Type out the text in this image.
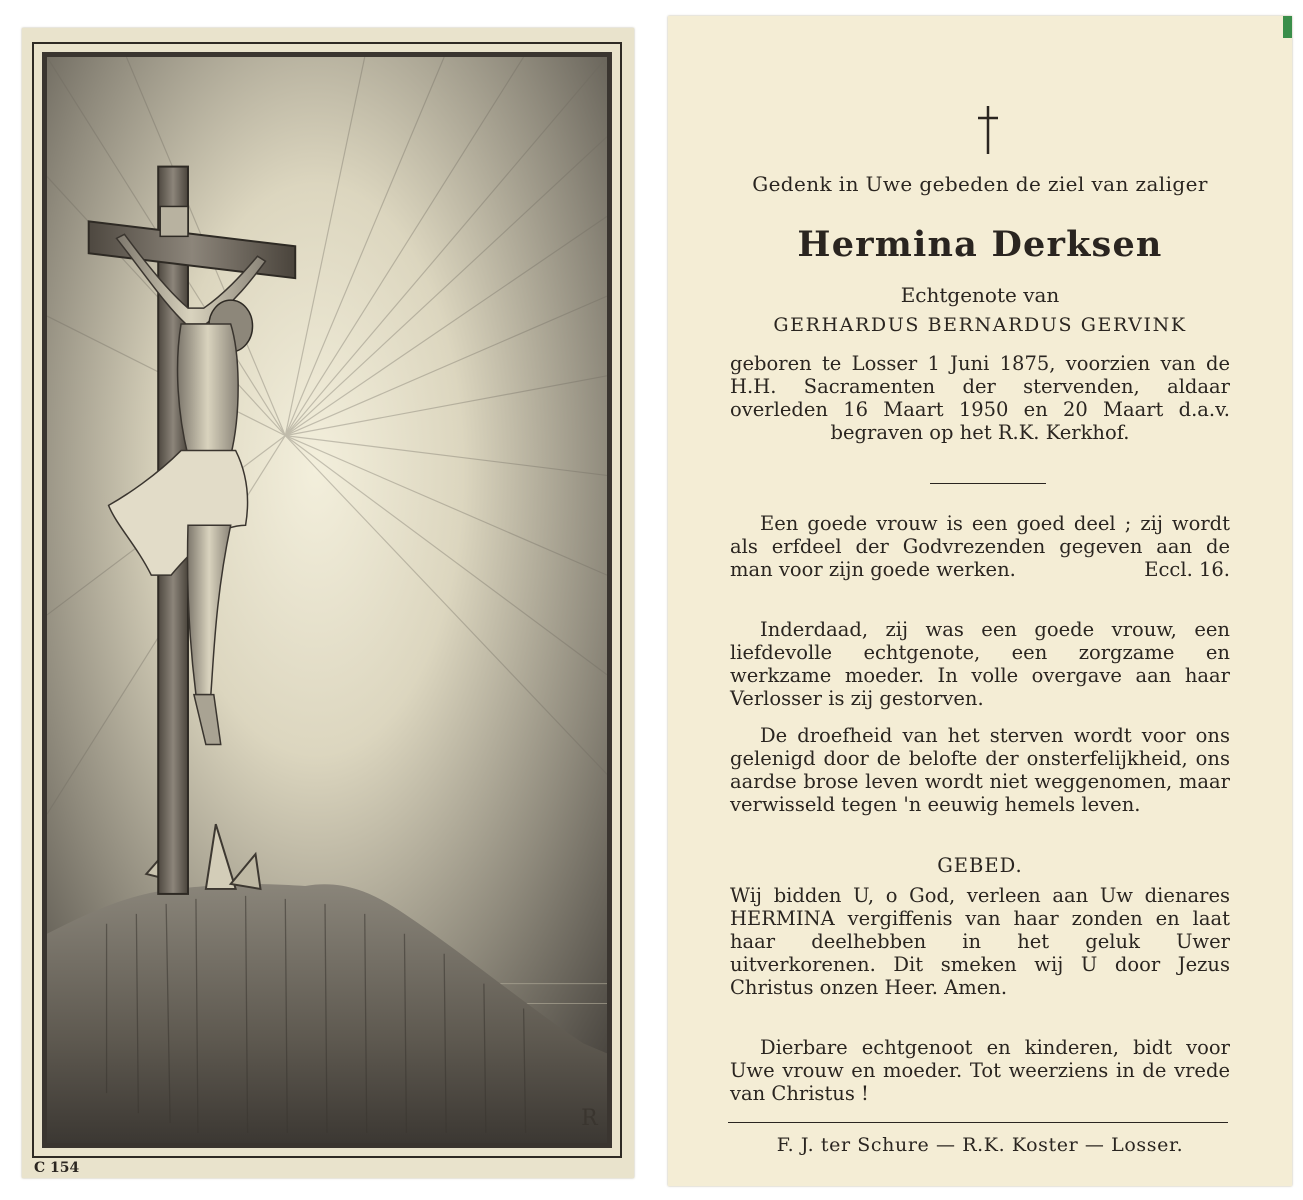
R
C 154
Gedenk in Uwe gebeden de ziel van zaliger
Hermina Derksen
Echtgenote van
GERHARDUS BERNARDUS GERVINK
geboren te Losser 1 Juni 1875, voorzien van de H.H. Sacramenten der stervenden, aldaar overleden 16 Maart 1950 en 20 Maart d.a.v. begraven op het R.K. Kerkhof.

Een goede vrouw is een goed deel ; zij wordt als erfdeel der Godvrezenden gegeven aan de man voor zijn goede werken.	Eccl. 16.

Inderdaad, zij was een goede vrouw, een liefdevolle echtgenote, een zorgzame en werkzame moeder. In volle overgave aan haar Verlosser is zij gestorven.

De droefheid van het sterven wordt voor ons gelenigd door de belofte der onsterfelijkheid, ons aardse brose leven wordt niet weggenomen, maar verwisseld tegen 'n eeuwig hemels leven.

GEBED.

Wij bidden U, o God, verleen aan Uw dienares HERMINA vergiffenis van haar zonden en laat haar deelhebben in het geluk Uwer uitverkorenen. Dit smeken wij U door Jezus Christus onzen Heer. Amen.

Dierbare echtgenoot en kinderen, bidt voor Uwe vrouw en moeder. Tot weerziens in de vrede van Christus !

F. J. ter Schure — R.K. Koster — Losser.
